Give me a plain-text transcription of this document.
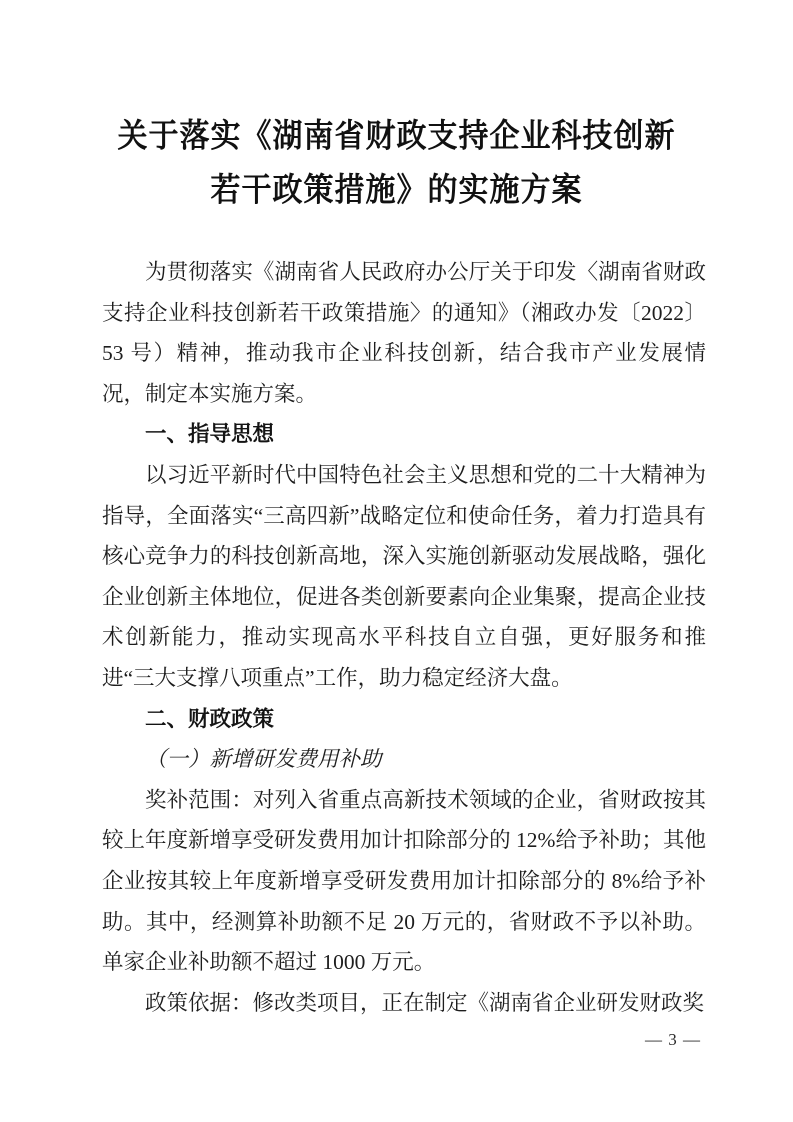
关于落实《湖南省财政支持企业科技创新
若干政策措施》的实施方案

为贯彻落实《湖南省人民政府办公厅关于印发〈湖南省财政支持企业科技创新若干政策措施〉的通知》（湘政办发〔2022〕53 号）精神，推动我市企业科技创新，结合我市产业发展情况，制定本实施方案。

一、指导思想

以习近平新时代中国特色社会主义思想和党的二十大精神为指导，全面落实“三高四新”战略定位和使命任务，着力打造具有核心竞争力的科技创新高地，深入实施创新驱动发展战略，强化企业创新主体地位，促进各类创新要素向企业集聚，提高企业技术创新能力，推动实现高水平科技自立自强，更好服务和推进“三大支撑八项重点”工作，助力稳定经济大盘。

二、财政政策

（一）新增研发费用补助

奖补范围：对列入省重点高新技术领域的企业，省财政按其较上年度新增享受研发费用加计扣除部分的 12%给予补助；其他企业按其较上年度新增享受研发费用加计扣除部分的 8%给予补助。其中，经测算补助额不足 20 万元的，省财政不予以补助。单家企业补助额不超过 1000 万元。

政策依据：修改类项目，正在制定《湖南省企业研发财政奖

— 3 —
